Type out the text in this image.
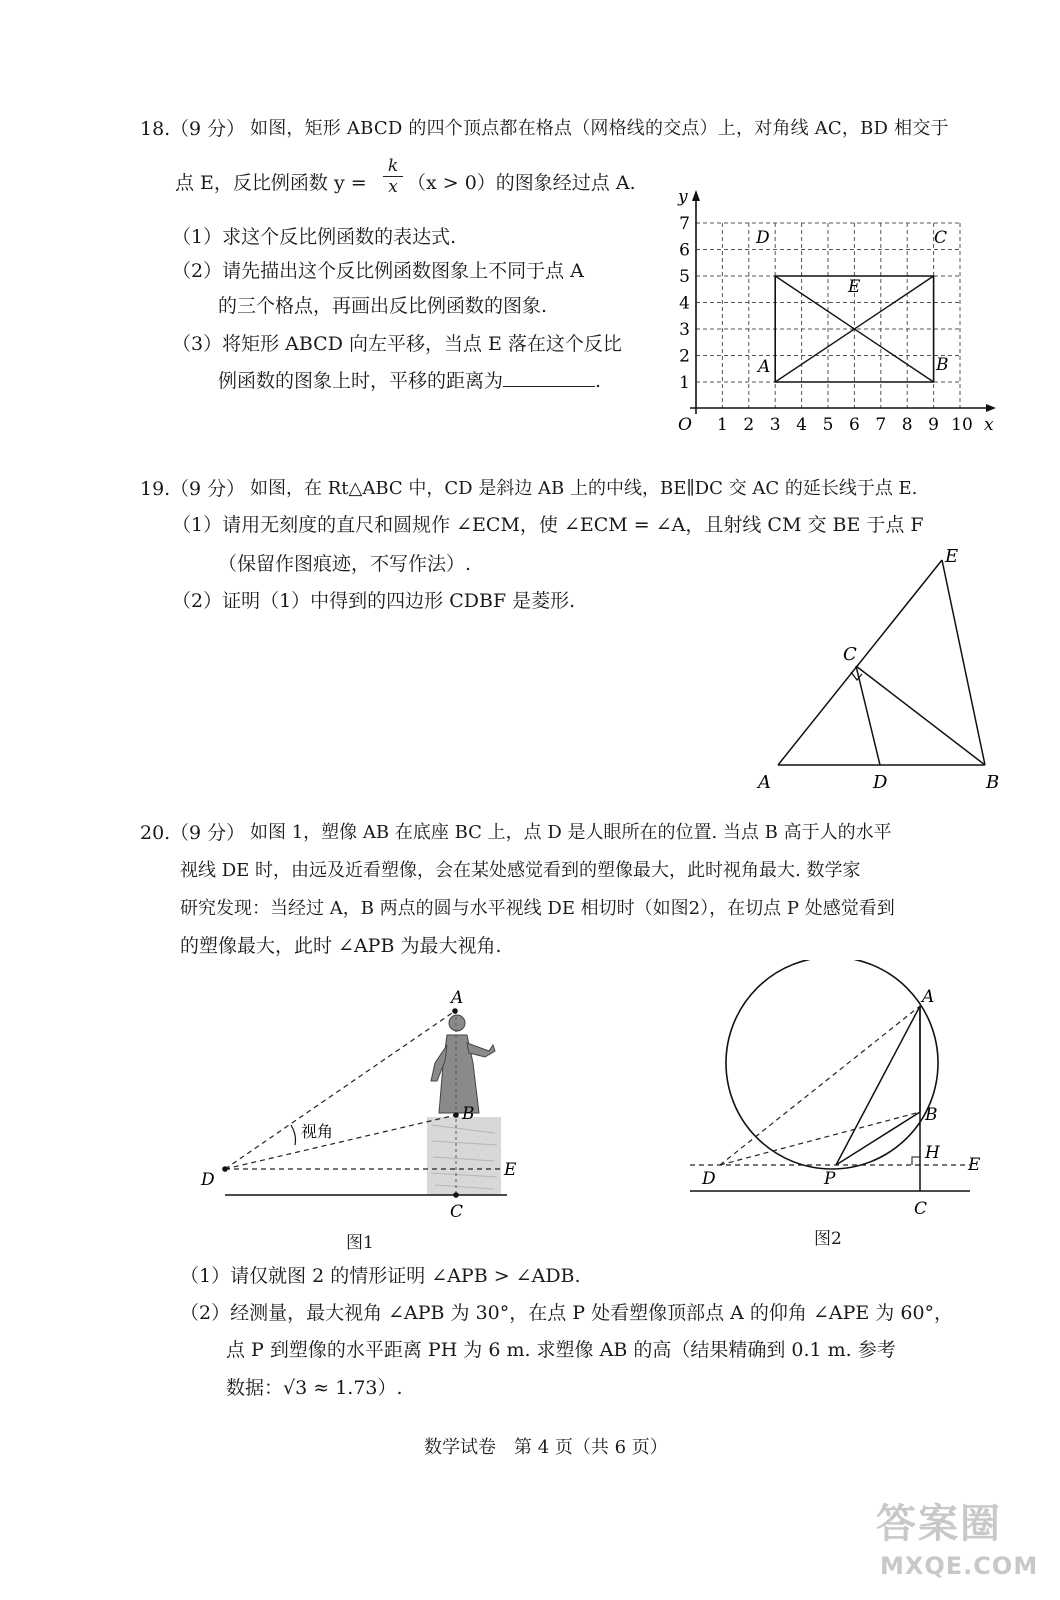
18. （9 分） 如图，矩形 ABCD 的四个顶点都在格点（网格线的交点）上，对角线 AC，BD 相交于
点 E，反比例函数 y =
k
x （x > 0）的图象经过点 A.
（1）求这个反比例函数的表达式.
（2）请先描出这个反比例函数图象上不同于点 A
的三个格点，再画出反比例函数的图象.
（3）将矩形 ABCD 向左平移，当点 E 落在这个反比
例函数的图象上时，平移的距离为	.
y
x
O 1 2 3 4 5 6 7 8 9 10
1
2
3
4
5
6
7
A	B
C
D
E
19. （9 分） 如图，在 Rt△ABC 中，CD 是斜边 AB 上的中线，BE∥DC 交 AC 的延长线于点 E.
（1）请用无刻度的直尺和圆规作 ∠ECM，使 ∠ECM = ∠A，且射线 CM 交 BE 于点 F
（保留作图痕迹，不写作法）.
（2）证明（1）中得到的四边形 CDBF 是菱形.
A	D	B
C
E
20. （9 分） 如图 1，塑像 AB 在底座 BC 上，点 D 是人眼所在的位置. 当点 B 高于人的水平
视线 DE 时，由远及近看塑像，会在某处感觉看到的塑像最大，此时视角最大. 数学家
研究发现：当经过 A，B 两点的圆与水平视线 DE 相切时（如图2），在切点 P 处感觉看到
的塑像最大，此时 ∠APB 为最大视角.
视角
A
B
C
D	E
图1
A
B
H
E
C
D	P
图2
（1）请仅就图 2 的情形证明 ∠APB > ∠ADB.
（2）经测量，最大视角 ∠APB 为 30°，在点 P 处看塑像顶部点 A 的仰角 ∠APE 为 60°，
点 P 到塑像的水平距离 PH 为 6 m. 求塑像 AB 的高（结果精确到 0.1 m. 参考
数据：√3 ≈ 1.73）.
数学试卷　第 4 页（共 6 页）
答案圈
MXQE.COM
